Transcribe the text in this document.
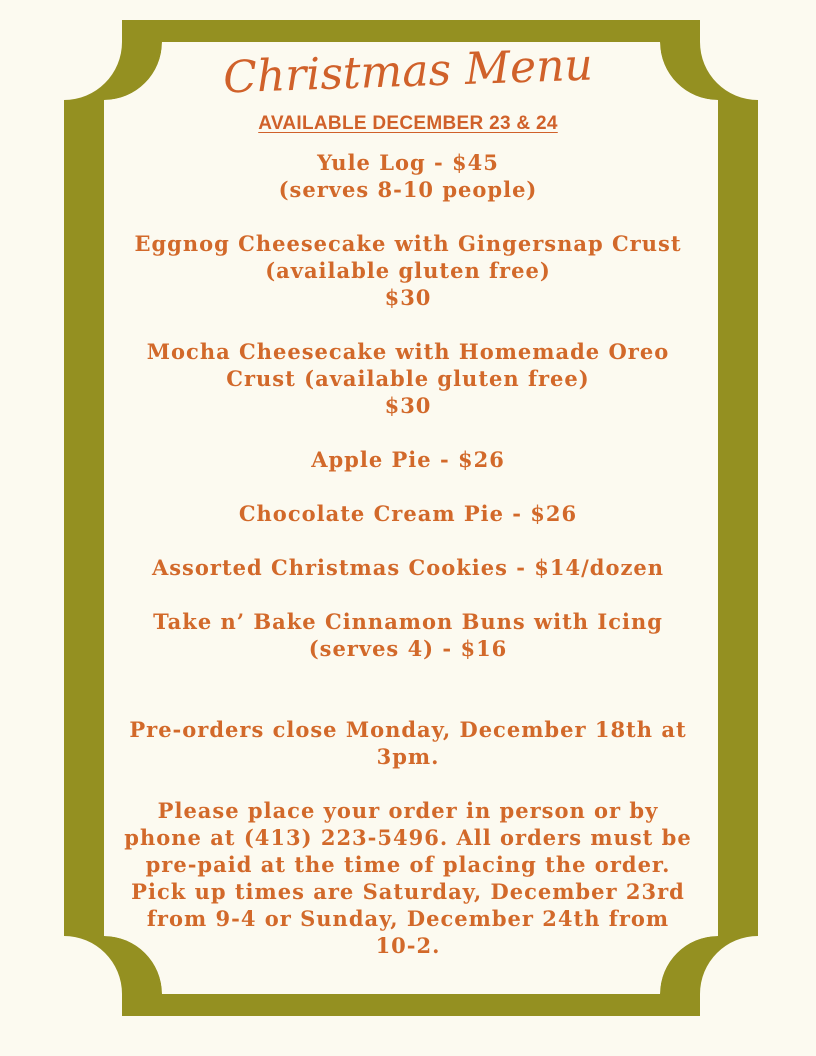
Christmas Menu
AVAILABLE DECEMBER 23 & 24
Yule Log - $45
(serves 8-10 people)
Eggnog Cheesecake with Gingersnap Crust
(available gluten free)
$30
Mocha Cheesecake with Homemade Oreo
Crust (available gluten free)
$30
Apple Pie - $26
Chocolate Cream Pie - $26
Assorted Christmas Cookies - $14/dozen
Take n’ Bake Cinnamon Buns with Icing
(serves 4) - $16
Pre-orders close Monday, December 18th at
3pm.
Please place your order in person or by
phone at (413) 223-5496. All orders must be
pre-paid at the time of placing the order.
Pick up times are Saturday, December 23rd
from 9-4 or Sunday, December 24th from
10-2.
